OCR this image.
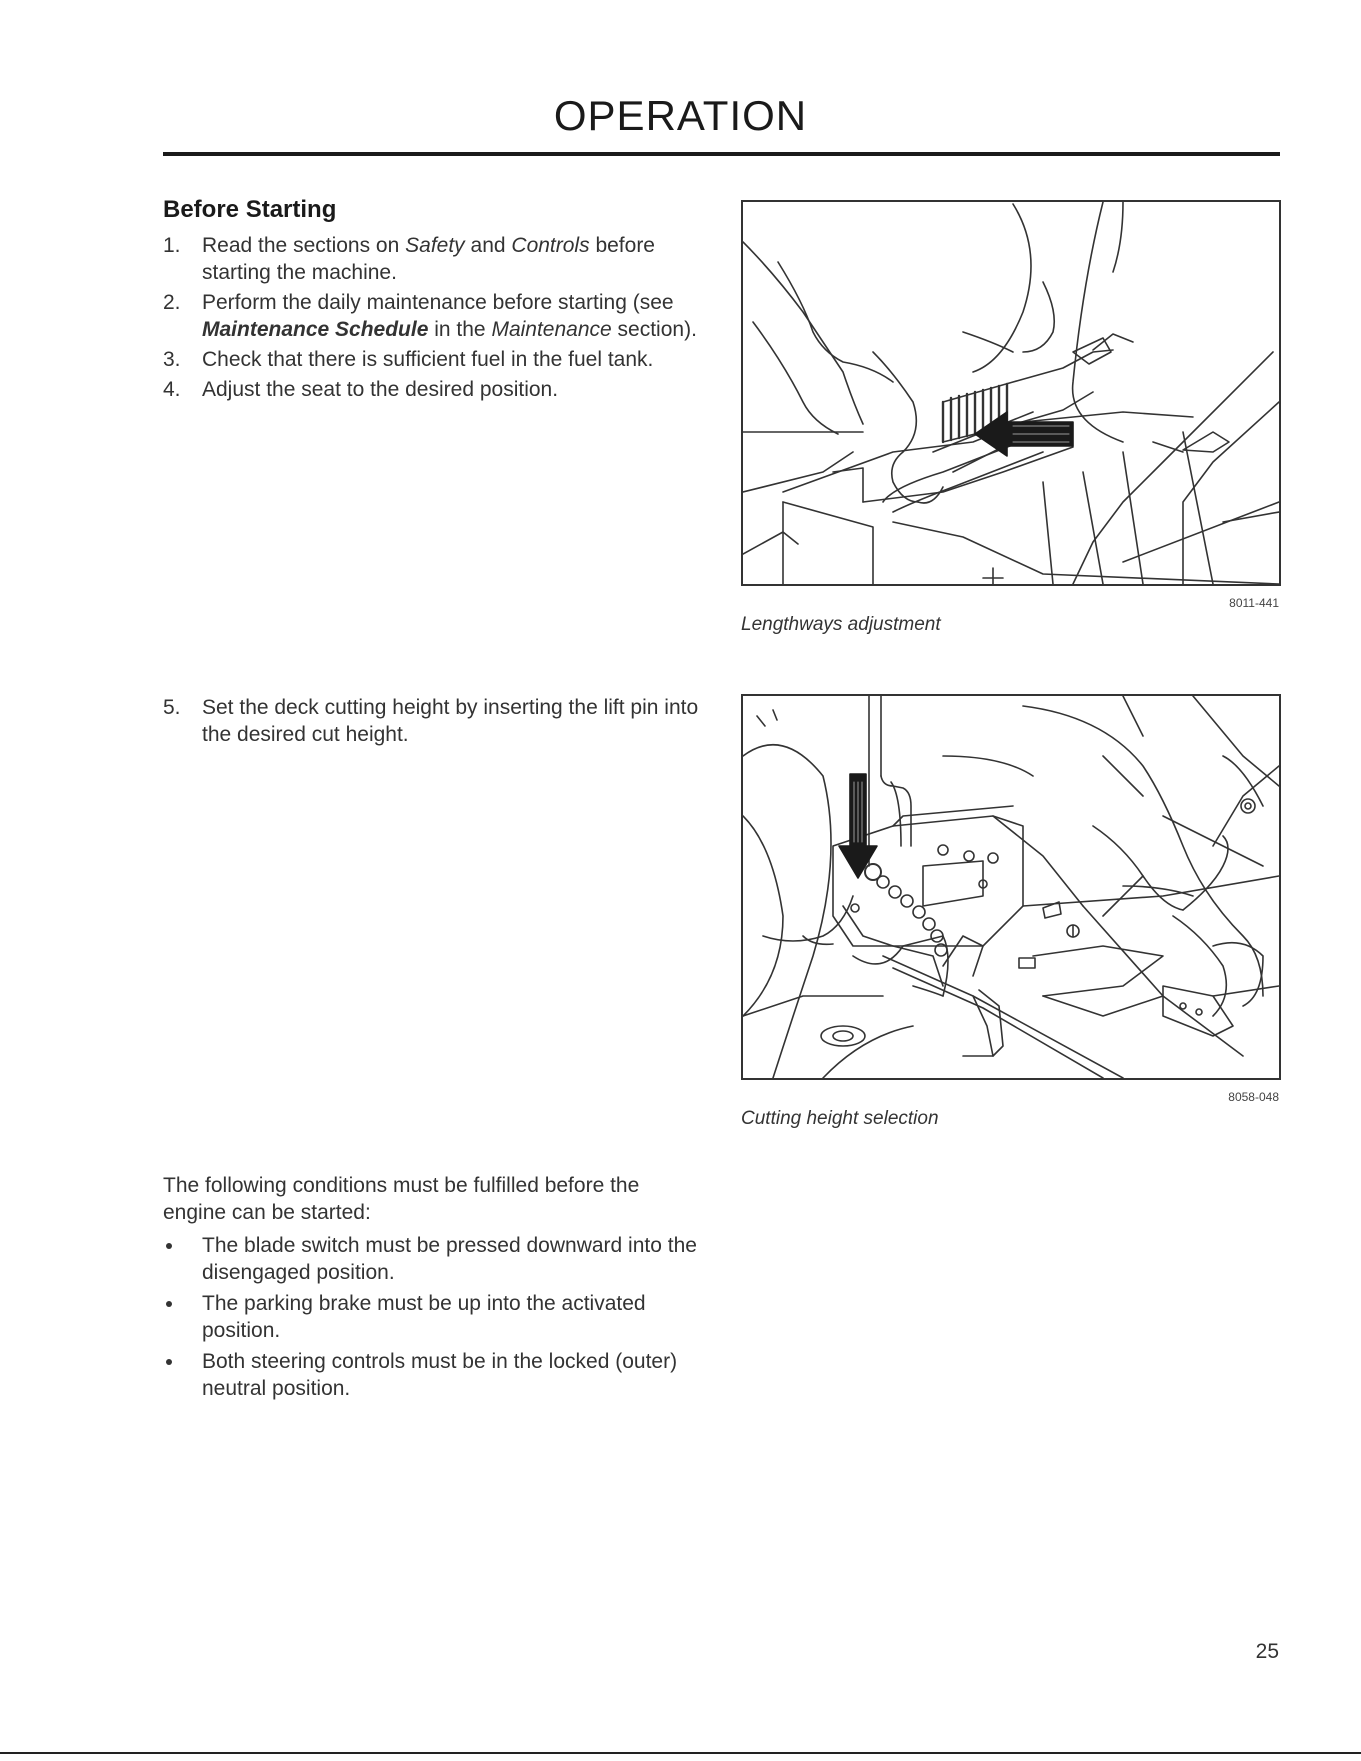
OPERATION
Before Starting
1. Read the sections on Safety and Controls before starting the machine.
2. Perform the daily maintenance before starting (see Maintenance Schedule in the Maintenance section).
3. Check that there is sufficient fuel in the fuel tank.
4. Adjust the seat to the desired position.
5. Set the deck cutting height by inserting the lift pin into the desired cut height.
8011-441
Lengthways adjustment
8058-048
Cutting height selection

The following conditions must be fulfilled before the engine can be started:

The blade switch must be pressed downward into the disengaged position.
The parking brake must be up into the activated position.
Both steering controls must be in the locked (outer) neutral position.
25
